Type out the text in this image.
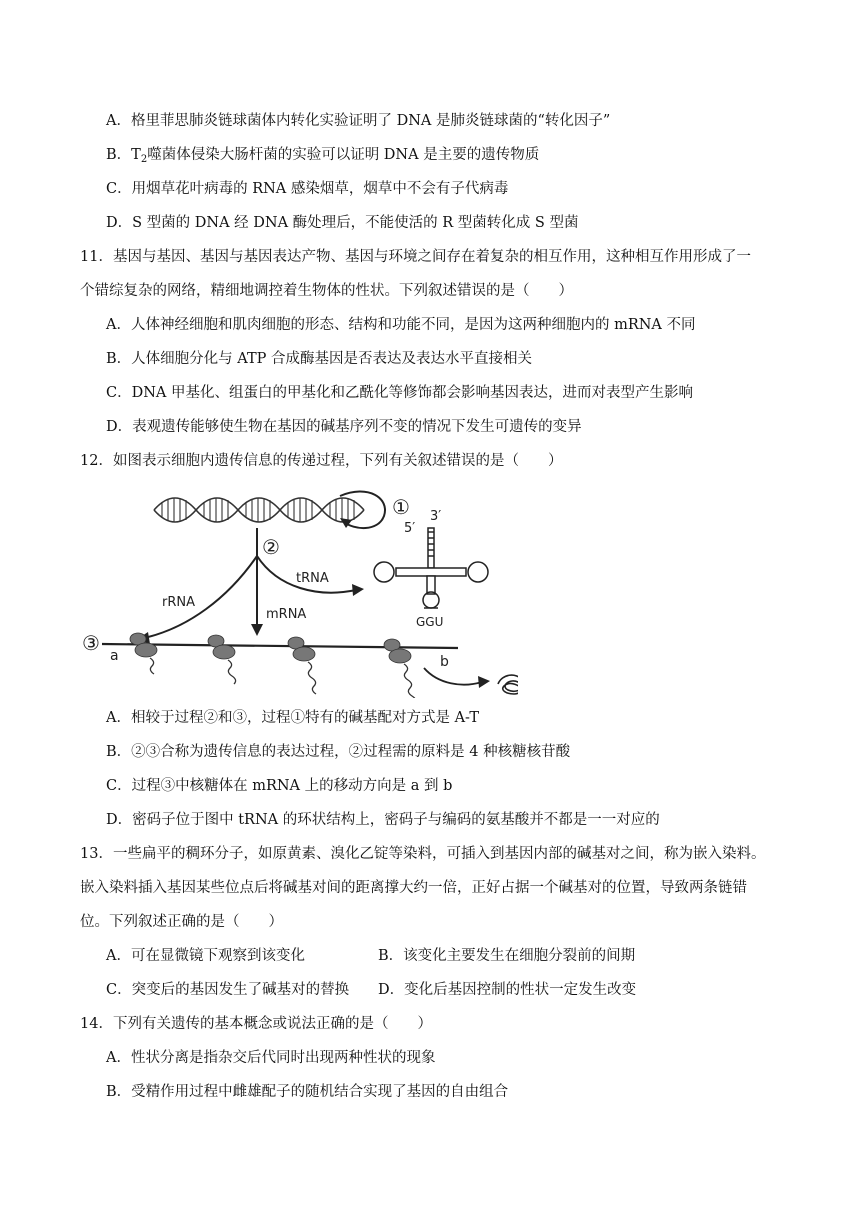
A．格里菲思肺炎链球菌体内转化实验证明了 DNA 是肺炎链球菌的“转化因子”
B．$T_2$噬菌体侵染大肠杆菌的实验可以证明 DNA 是主要的遗传物质
C．用烟草花叶病毒的 RNA 感染烟草，烟草中不会有子代病毒
D．S 型菌的 DNA 经 DNA 酶处理后，不能使活的 R 型菌转化成 S 型菌
11．基因与基因、基因与基因表达产物、基因与环境之间存在着复杂的相互作用，这种相互作用形成了一
个错综复杂的网络，精细地调控着生物体的性状。下列叙述错误的是（　　）
A．人体神经细胞和肌肉细胞的形态、结构和功能不同，是因为这两种细胞内的 mRNA 不同
B．人体细胞分化与 ATP 合成酶基因是否表达及表达水平直接相关
C．DNA 甲基化、组蛋白的甲基化和乙酰化等修饰都会影响基因表达，进而对表型产生影响
D．表观遗传能够使生物在基因的碱基序列不变的情况下发生可遗传的变异
12．如图表示细胞内遗传信息的传递过程，下列有关叙述错误的是（　　）
①
②
rRNA
tRNA
mRNA
5′
3′
GGU
③
a	b
A．相较于过程②和③，过程①特有的碱基配对方式是 A-T
B．②③合称为遗传信息的表达过程，②过程需的原料是 4 种核糖核苷酸
C．过程③中核糖体在 mRNA 上的移动方向是 a 到 b
D．密码子位于图中 tRNA 的环状结构上，密码子与编码的氨基酸并不都是一一对应的
13．一些扁平的稠环分子，如原黄素、溴化乙锭等染料，可插入到基因内部的碱基对之间，称为嵌入染料。
嵌入染料插入基因某些位点后将碱基对间的距离撑大约一倍，正好占据一个碱基对的位置，导致两条链错
位。下列叙述正确的是（　　）
A．可在显微镜下观察到该变化	B．该变化主要发生在细胞分裂前的间期
C．突变后的基因发生了碱基对的替换 D．变化后基因控制的性状一定发生改变
14．下列有关遗传的基本概念或说法正确的是（　　）
A．性状分离是指杂交后代同时出现两种性状的现象
B．受精作用过程中雌雄配子的随机结合实现了基因的自由组合
